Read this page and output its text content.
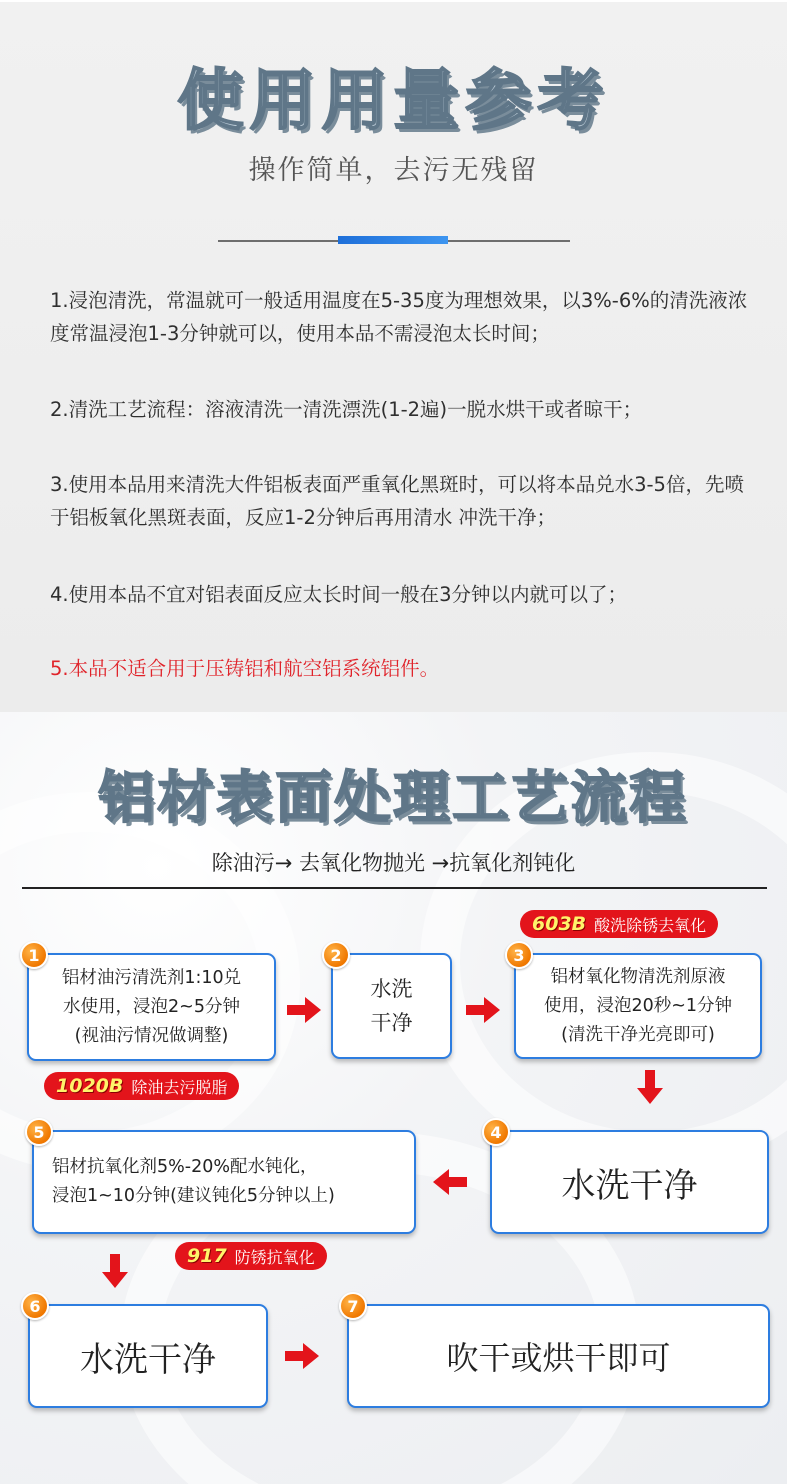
使用用量参考
操作简单，去污无残留
1.浸泡清洗，常温就可一般适用温度在5-35度为理想效果，以3%-6%的清洗液浓度常温浸泡1-3分钟就可以，使用本品不需浸泡太长时间；
2.清洗工艺流程：溶液清洗一清洗漂洗(1-2遍)一脱水烘干或者晾干；
3.使用本品用来清洗大件铝板表面严重氧化黑斑时，可以将本品兑水3-5倍，先喷于铝板氧化黑斑表面，反应1-2分钟后再用清水 冲洗干净；
4.使用本品不宜对铝表面反应太长时间一般在3分钟以内就可以了；
5.本品不适合用于压铸铝和航空铝系统铝件。
铝材表面处理工艺流程
除油污→ 去氧化物抛光 →抗氧化剂钝化
603B 酸洗除锈去氧化
铝材油污清洗剂1:10兑
水使用，浸泡2~5分钟
(视油污情况做调整)
1
水洗
干净
2
铝材氧化物清洗剂原液
使用，浸泡20秒~1分钟
(清洗干净光亮即可)
3
1020B 除油去污脱脂
铝材抗氧化剂5%-20%配水钝化，
浸泡1~10分钟(建议钝化5分钟以上)
5
水洗干净
4
917 防锈抗氧化
水洗干净
6
吹干或烘干即可
7
